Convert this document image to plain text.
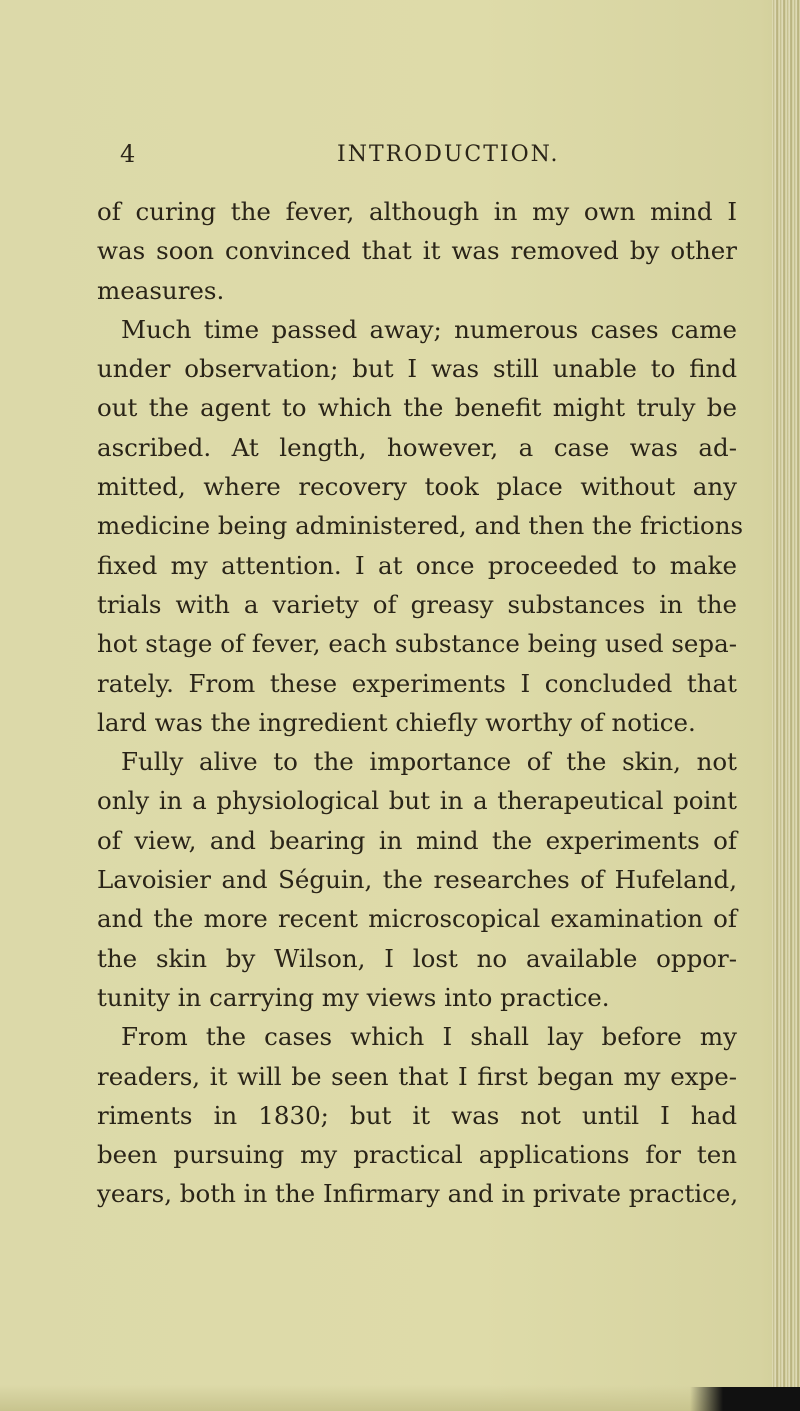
4	INTRODUCTION.
of curing the fever, although in my own mind I
was soon convinced that it was removed by other
measures.
Much time passed away; numerous cases came
under observation; but I was still unable to find
out the agent to which the benefit might truly be
ascribed. At length, however, a case was ad-
mitted, where recovery took place without any
medicine being administered, and then the frictions
fixed my attention. I at once proceeded to make
trials with a variety of greasy substances in the
hot stage of fever, each substance being used sepa-
rately. From these experiments I concluded that
lard was the ingredient chiefly worthy of notice.
Fully alive to the importance of the skin, not
only in a physiological but in a therapeutical point
of view, and bearing in mind the experiments of
Lavoisier and Séguin, the researches of Hufeland,
and the more recent microscopical examination of
the skin by Wilson, I lost no available oppor-
tunity in carrying my views into practice.
From the cases which I shall lay before my
readers, it will be seen that I first began my expe-
riments in 1830; but it was not until I had
been pursuing my practical applications for ten
years, both in the Infirmary and in private practice,
